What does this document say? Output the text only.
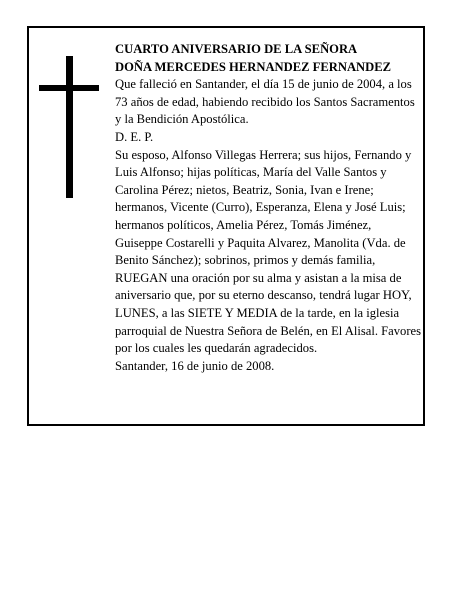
CUARTO ANIVERSARIO DE LA SEÑORA

DOÑA MERCEDES HERNANDEZ FERNANDEZ

Que falleció en Santander, el día 15 de junio de 2004, a los 73 años de edad, habiendo recibido los Santos Sacramentos y la Bendición Apostólica.

D. E. P.

Su esposo, Alfonso Villegas Herrera; sus hijos, Fernando y Luis Alfonso; hijas políticas, María del Valle Santos y Carolina Pérez; nietos, Beatriz, Sonia, Ivan e Irene; hermanos, Vicente (Curro), Esperanza, Elena y José Luis; hermanos políticos, Amelia Pérez, Tomás Jiménez, Guiseppe Costarelli y Paquita Alvarez, Manolita (Vda. de Benito Sánchez); sobrinos, primos y demás familia,

RUEGAN una oración por su alma y asistan a la misa de aniversario que, por su eterno descanso, tendrá lugar HOY, LUNES, a las SIETE Y MEDIA de la tarde, en la iglesia parroquial de Nuestra Señora de Belén, en El Alisal. Favores por los cuales les quedarán agradecidos.

Santander, 16 de junio de 2008.
